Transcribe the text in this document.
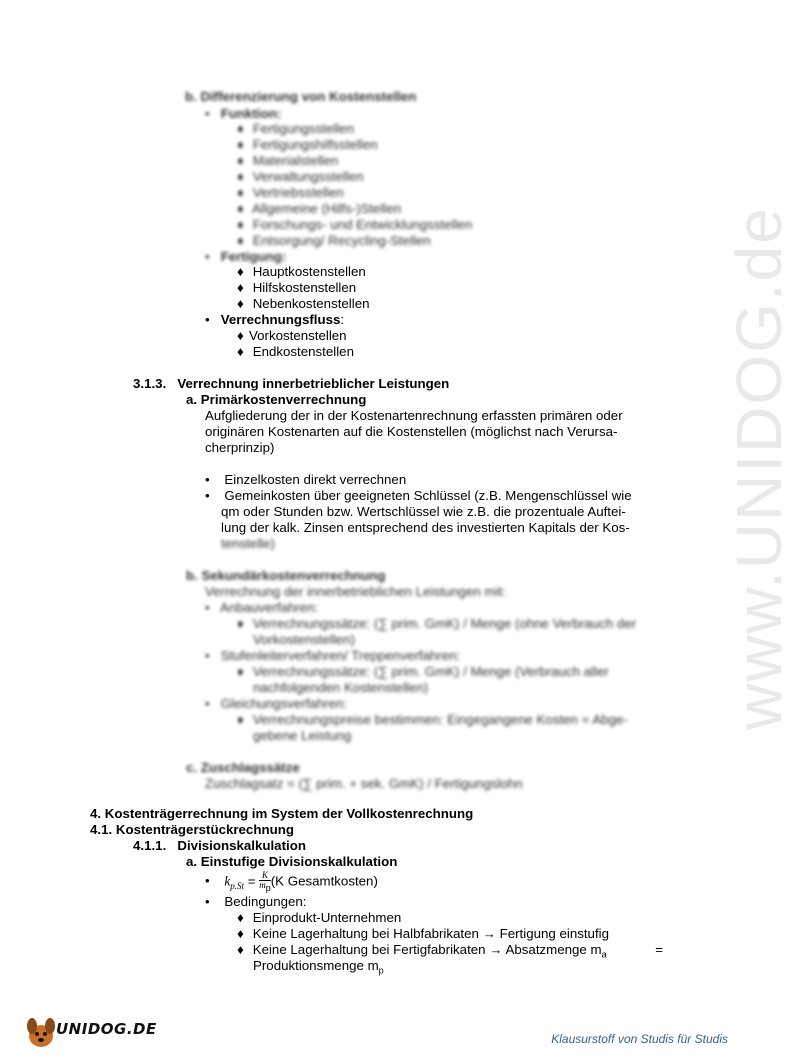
www.UNIDOG.de
b. Differenzierung von Kostenstellen
• Funktion:
♦ Fertigungsstellen
♦ Fertigungshilfsstellen
♦ Materialstellen
♦ Verwaltungsstellen
♦ Vertriebsstellen
♦ Allgemeine (Hilfs-)Stellen
♦ Forschungs- und Entwicklungsstellen
♦ Entsorgung/ Recycling-Stellen
• Fertigung:
♦ Hauptkostenstellen
♦ Hilfskostenstellen
♦ Nebenkostenstellen
• Verrechnungsfluss:
♦ Vorkostenstellen
♦ Endkostenstellen
3.1.3. Verrechnung innerbetrieblicher Leistungen
a. Primärkostenverrechnung
Aufgliederung der in der Kostenartenrechnung erfassten primären oder
originären Kostenarten auf die Kostenstellen (möglichst nach Verursa-
cherprinzip)
• Einzelkosten direkt verrechnen
• Gemeinkosten über geeigneten Schlüssel (z.B. Mengenschlüssel wie
qm oder Stunden bzw. Wertschlüssel wie z.B. die prozentuale Auftei-
lung der kalk. Zinsen entsprechend des investierten Kapitals der Kos-
tenstelle)
b. Sekundärkostenverrechnung
Verrechnung der innerbetrieblichen Leistungen mit:
• Anbauverfahren:
♦ Verrechnungssätze: (∑ prim. GmK) / Menge (ohne Verbrauch der
Vorkostenstellen)
• Stufenleiterverfahren/ Treppenverfahren:
♦ Verrechnungssätze: (∑ prim. GmK) / Menge (Verbrauch aller
nachfolgenden Kostenstellen)
• Gleichungsverfahren:
♦ Verrechnungspreise bestimmen: Eingegangene Kosten = Abge-
gebene Leistung
c. Zuschlagssätze
Zuschlagsatz = (∑ prim. + sek. GmK) / Fertigungslohn
4. Kostenträgerrechnung im System der Vollkostenrechnung
4.1. Kostenträgerstückrechnung
4.1.1. Divisionskalkulation
a. Einstufige Divisionskalkulation
• $k_{p.St} = \frac{K}{m_p} (K$ Gesamtkosten)
• Bedingungen:
♦ Einprodukt-Unternehmen
♦ Keine Lagerhaltung bei Halbfabrikaten → Fertigung einstufig
♦ Keine Lagerhaltung bei Fertigfabrikaten → Absatzmenge $m_a$	=
Produktionsmenge $m_p$
UNIDOG.DE
Klausurstoff von Studis für Studis
